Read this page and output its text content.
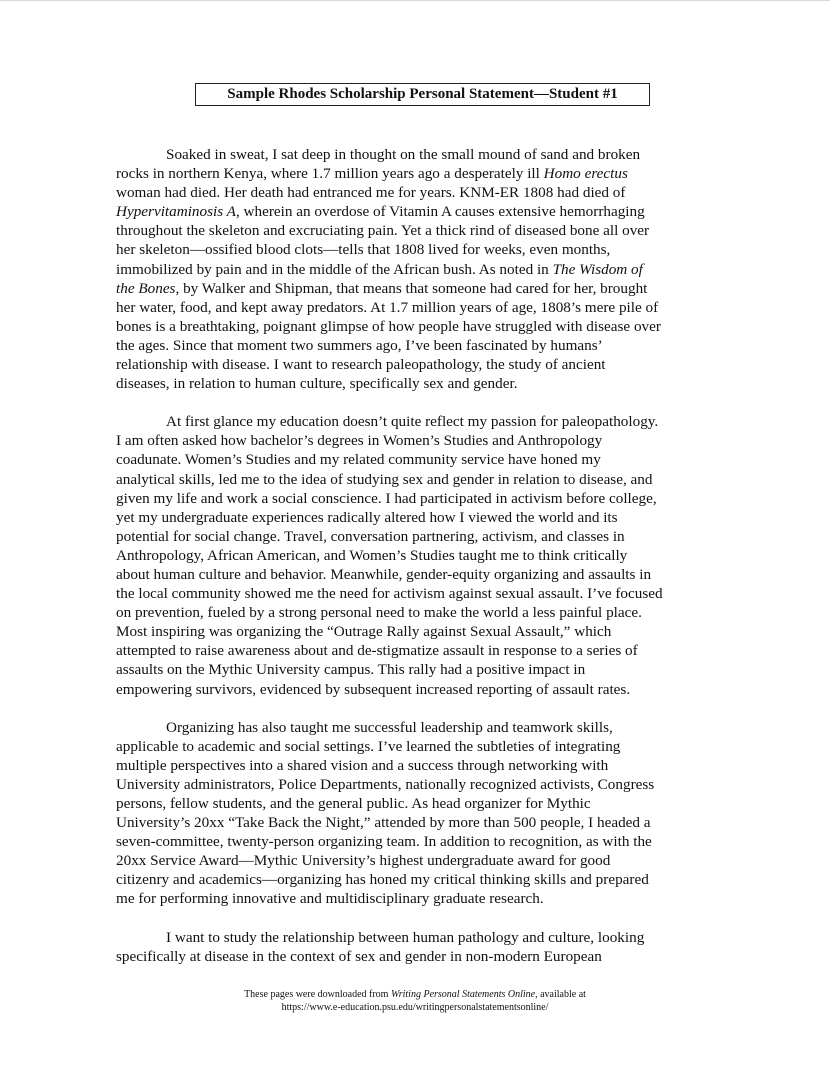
Sample Rhodes Scholarship Personal Statement—Student #1
Soaked in sweat, I sat deep in thought on the small mound of sand and broken
rocks in northern Kenya, where 1.7 million years ago a desperately ill Homo erectus
woman had died. Her death had entranced me for years. KNM-ER 1808 had died of
Hypervitaminosis A, wherein an overdose of Vitamin A causes extensive hemorrhaging
throughout the skeleton and excruciating pain. Yet a thick rind of diseased bone all over
her skeleton—ossified blood clots—tells that 1808 lived for weeks, even months,
immobilized by pain and in the middle of the African bush. As noted in The Wisdom of
the Bones, by Walker and Shipman, that means that someone had cared for her, brought
her water, food, and kept away predators. At 1.7 million years of age, 1808’s mere pile of
bones is a breathtaking, poignant glimpse of how people have struggled with disease over
the ages. Since that moment two summers ago, I’ve been fascinated by humans’
relationship with disease. I want to research paleopathology, the study of ancient
diseases, in relation to human culture, specifically sex and gender.
At first glance my education doesn’t quite reflect my passion for paleopathology.
I am often asked how bachelor’s degrees in Women’s Studies and Anthropology
coadunate. Women’s Studies and my related community service have honed my
analytical skills, led me to the idea of studying sex and gender in relation to disease, and
given my life and work a social conscience. I had participated in activism before college,
yet my undergraduate experiences radically altered how I viewed the world and its
potential for social change. Travel, conversation partnering, activism, and classes in
Anthropology, African American, and Women’s Studies taught me to think critically
about human culture and behavior. Meanwhile, gender-equity organizing and assaults in
the local community showed me the need for activism against sexual assault. I’ve focused
on prevention, fueled by a strong personal need to make the world a less painful place.
Most inspiring was organizing the “Outrage Rally against Sexual Assault,” which
attempted to raise awareness about and de-stigmatize assault in response to a series of
assaults on the Mythic University campus. This rally had a positive impact in
empowering survivors, evidenced by subsequent increased reporting of assault rates.
Organizing has also taught me successful leadership and teamwork skills,
applicable to academic and social settings. I’ve learned the subtleties of integrating
multiple perspectives into a shared vision and a success through networking with
University administrators, Police Departments, nationally recognized activists, Congress
persons, fellow students, and the general public. As head organizer for Mythic
University’s 20xx “Take Back the Night,” attended by more than 500 people, I headed a
seven-committee, twenty-person organizing team. In addition to recognition, as with the
20xx Service Award—Mythic University’s highest undergraduate award for good
citizenry and academics—organizing has honed my critical thinking skills and prepared
me for performing innovative and multidisciplinary graduate research.
I want to study the relationship between human pathology and culture, looking
specifically at disease in the context of sex and gender in non-modern European
These pages were downloaded from Writing Personal Statements Online, available at
https://www.e-education.psu.edu/writingpersonalstatementsonline/
